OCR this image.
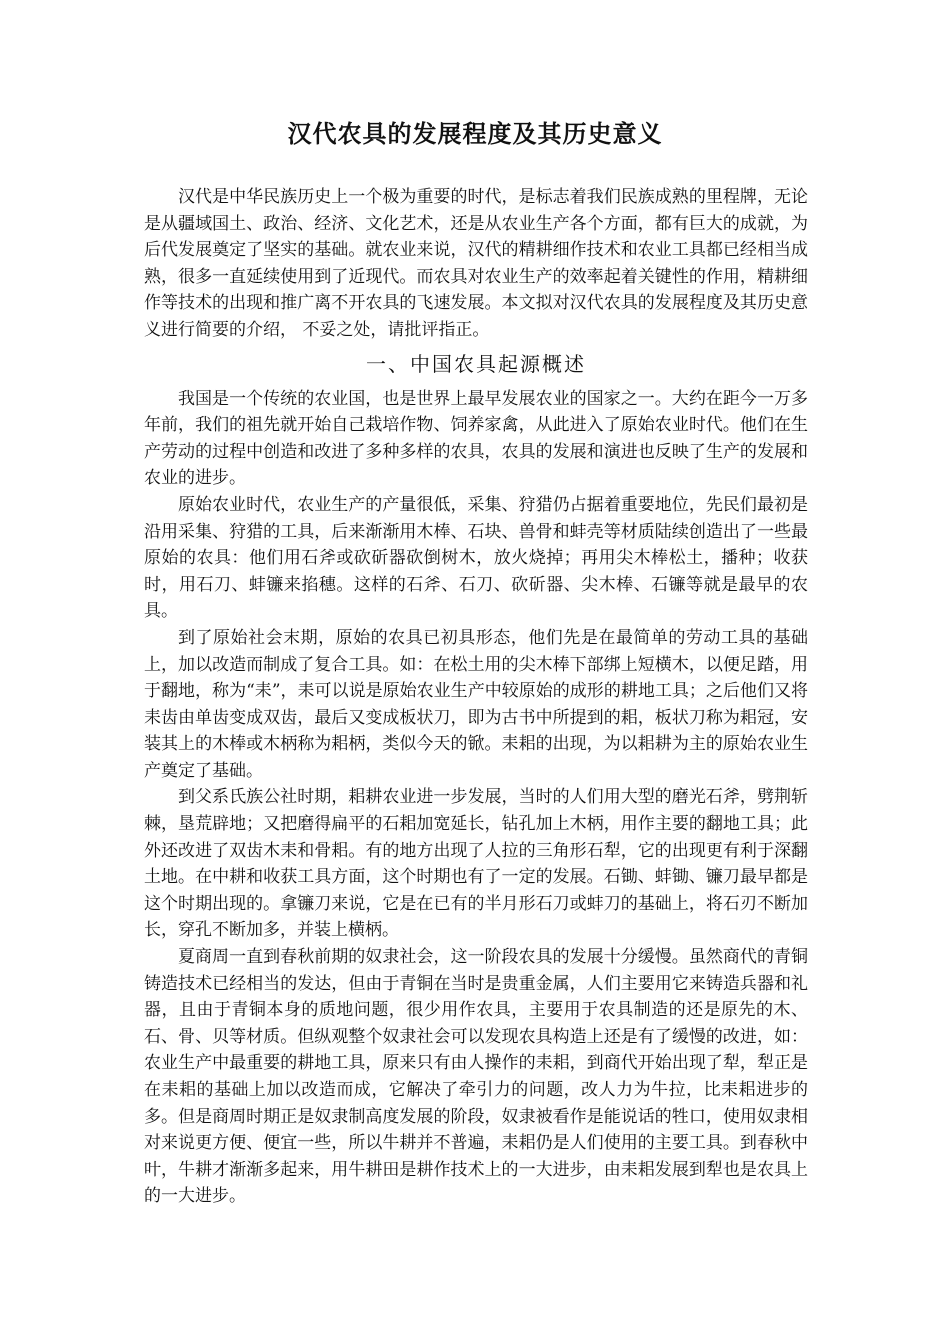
汉代农具的发展程度及其历史意义

汉代是中华民族历史上一个极为重要的时代，是标志着我们民族成熟的里程牌，无论是从疆域国土、政治、经济、文化艺术，还是从农业生产各个方面，都有巨大的成就，为后代发展奠定了坚实的基础。就农业来说，汉代的精耕细作技术和农业工具都已经相当成熟，很多一直延续使用到了近现代。而农具对农业生产的效率起着关键性的作用，精耕细作等技术的出现和推广离不开农具的飞速发展。本文拟对汉代农具的发展程度及其历史意义进行简要的介绍， 不妥之处，请批评指正。

一、中国农具起源概述

我国是一个传统的农业国，也是世界上最早发展农业的国家之一。大约在距今一万多年前，我们的祖先就开始自己栽培作物、饲养家禽，从此进入了原始农业时代。他们在生产劳动的过程中创造和改进了多种多样的农具，农具的发展和演进也反映了生产的发展和农业的进步。

原始农业时代，农业生产的产量很低，采集、狩猎仍占据着重要地位，先民们最初是沿用采集、狩猎的工具，后来渐渐用木棒、石块、兽骨和蚌壳等材质陆续创造出了一些最原始的农具：他们用石斧或砍斫器砍倒树木，放火烧掉；再用尖木棒松土，播种；收获时，用石刀、蚌镰来掐穗。这样的石斧、石刀、砍斫器、尖木棒、石镰等就是最早的农具。

到了原始社会末期，原始的农具已初具形态，他们先是在最简单的劳动工具的基础上，加以改造而制成了复合工具。如：在松土用的尖木棒下部绑上短横木，以便足踏，用于翻地，称为“耒”，耒可以说是原始农业生产中较原始的成形的耕地工具；之后他们又将耒齿由单齿变成双齿，最后又变成板状刀，即为古书中所提到的耜，板状刀称为耜冠，安装其上的木棒或木柄称为耜柄，类似今天的锨。耒耜的出现，为以耜耕为主的原始农业生产奠定了基础。

到父系氏族公社时期，耜耕农业进一步发展，当时的人们用大型的磨光石斧，劈荆斩棘，垦荒辟地；又把磨得扁平的石耜加宽延长，钻孔加上木柄，用作主要的翻地工具；此外还改进了双齿木耒和骨耜。有的地方出现了人拉的三角形石犁，它的出现更有利于深翻土地。在中耕和收获工具方面，这个时期也有了一定的发展。石锄、蚌锄、镰刀最早都是这个时期出现的。拿镰刀来说，它是在已有的半月形石刀或蚌刀的基础上，将石刃不断加长，穿孔不断加多，并装上横柄。

夏商周一直到春秋前期的奴隶社会，这一阶段农具的发展十分缓慢。虽然商代的青铜铸造技术已经相当的发达，但由于青铜在当时是贵重金属，人们主要用它来铸造兵器和礼器，且由于青铜本身的质地问题，很少用作农具，主要用于农具制造的还是原先的木、石、骨、贝等材质。但纵观整个奴隶社会可以发现农具构造上还是有了缓慢的改进，如：农业生产中最重要的耕地工具，原来只有由人操作的耒耜，到商代开始出现了犁，犁正是在耒耜的基础上加以改造而成，它解决了牵引力的问题，改人力为牛拉，比耒耜进步的多。但是商周时期正是奴隶制高度发展的阶段，奴隶被看作是能说话的牲口，使用奴隶相对来说更方便、便宜一些，所以牛耕并不普遍，耒耜仍是人们使用的主要工具。到春秋中叶，牛耕才渐渐多起来，用牛耕田是耕作技术上的一大进步，由耒耜发展到犁也是农具上的一大进步。
